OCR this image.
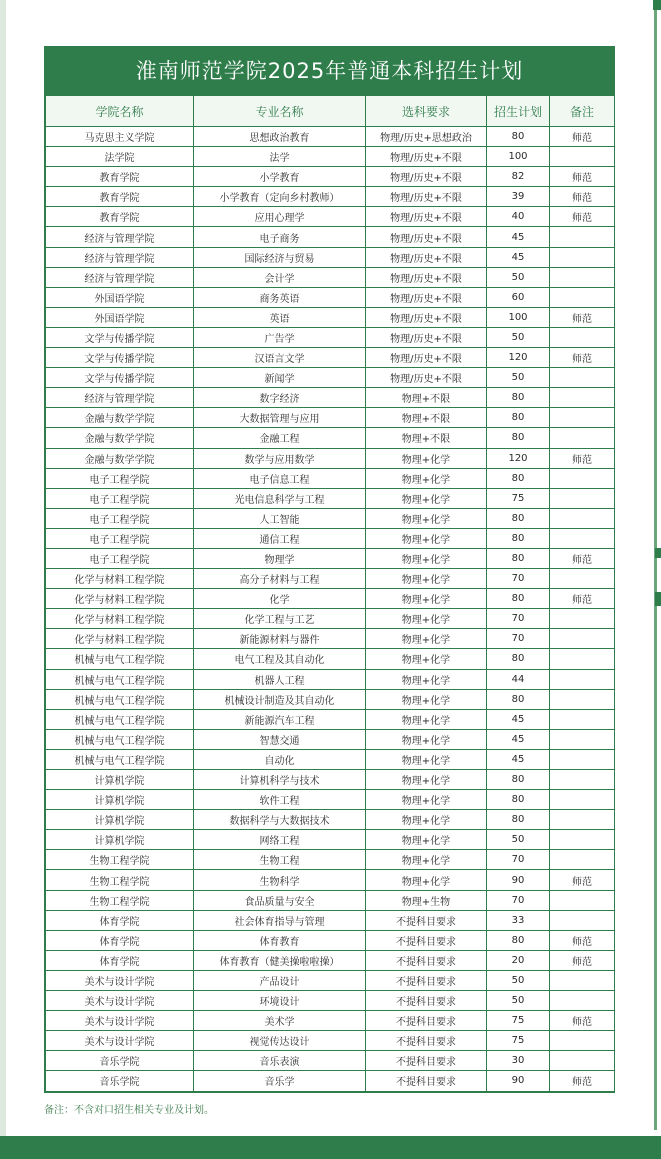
淮南师范学院2025年普通本科招生计划
学院名称	专业名称	选科要求	招生计划	备注
马克思主义学院	思想政治教育	物理/历史+思想政治	80	师范
法学院	法学	物理/历史+不限	100	
教育学院	小学教育	物理/历史+不限	82	师范
教育学院	小学教育（定向乡村教师）	物理/历史+不限	39	师范
教育学院	应用心理学	物理/历史+不限	40	师范
经济与管理学院	电子商务	物理/历史+不限	45	
经济与管理学院	国际经济与贸易	物理/历史+不限	45	
经济与管理学院	会计学	物理/历史+不限	50	
外国语学院	商务英语	物理/历史+不限	60	
外国语学院	英语	物理/历史+不限	100	师范
文学与传播学院	广告学	物理/历史+不限	50	
文学与传播学院	汉语言文学	物理/历史+不限	120	师范
文学与传播学院	新闻学	物理/历史+不限	50	
经济与管理学院	数字经济	物理+不限	80	
金融与数学学院	大数据管理与应用	物理+不限	80	
金融与数学学院	金融工程	物理+不限	80	
金融与数学学院	数学与应用数学	物理+化学	120	师范
电子工程学院	电子信息工程	物理+化学	80	
电子工程学院	光电信息科学与工程	物理+化学	75	
电子工程学院	人工智能	物理+化学	80	
电子工程学院	通信工程	物理+化学	80	
电子工程学院	物理学	物理+化学	80	师范
化学与材料工程学院	高分子材料与工程	物理+化学	70	
化学与材料工程学院	化学	物理+化学	80	师范
化学与材料工程学院	化学工程与工艺	物理+化学	70	
化学与材料工程学院	新能源材料与器件	物理+化学	70	
机械与电气工程学院	电气工程及其自动化	物理+化学	80	
机械与电气工程学院	机器人工程	物理+化学	44	
机械与电气工程学院	机械设计制造及其自动化	物理+化学	80	
机械与电气工程学院	新能源汽车工程	物理+化学	45	
机械与电气工程学院	智慧交通	物理+化学	45	
机械与电气工程学院	自动化	物理+化学	45	
计算机学院	计算机科学与技术	物理+化学	80	
计算机学院	软件工程	物理+化学	80	
计算机学院	数据科学与大数据技术	物理+化学	80	
计算机学院	网络工程	物理+化学	50	
生物工程学院	生物工程	物理+化学	70	
生物工程学院	生物科学	物理+化学	90	师范
生物工程学院	食品质量与安全	物理+生物	70	
体育学院	社会体育指导与管理	不提科目要求	33	
体育学院	体育教育	不提科目要求	80	师范
体育学院	体育教育（健美操啦啦操）	不提科目要求	20	师范
美术与设计学院	产品设计	不提科目要求	50	
美术与设计学院	环境设计	不提科目要求	50	
美术与设计学院	美术学	不提科目要求	75	师范
美术与设计学院	视觉传达设计	不提科目要求	75	
音乐学院	音乐表演	不提科目要求	30	
音乐学院	音乐学	不提科目要求	90	师范
备注：不含对口招生相关专业及计划。
